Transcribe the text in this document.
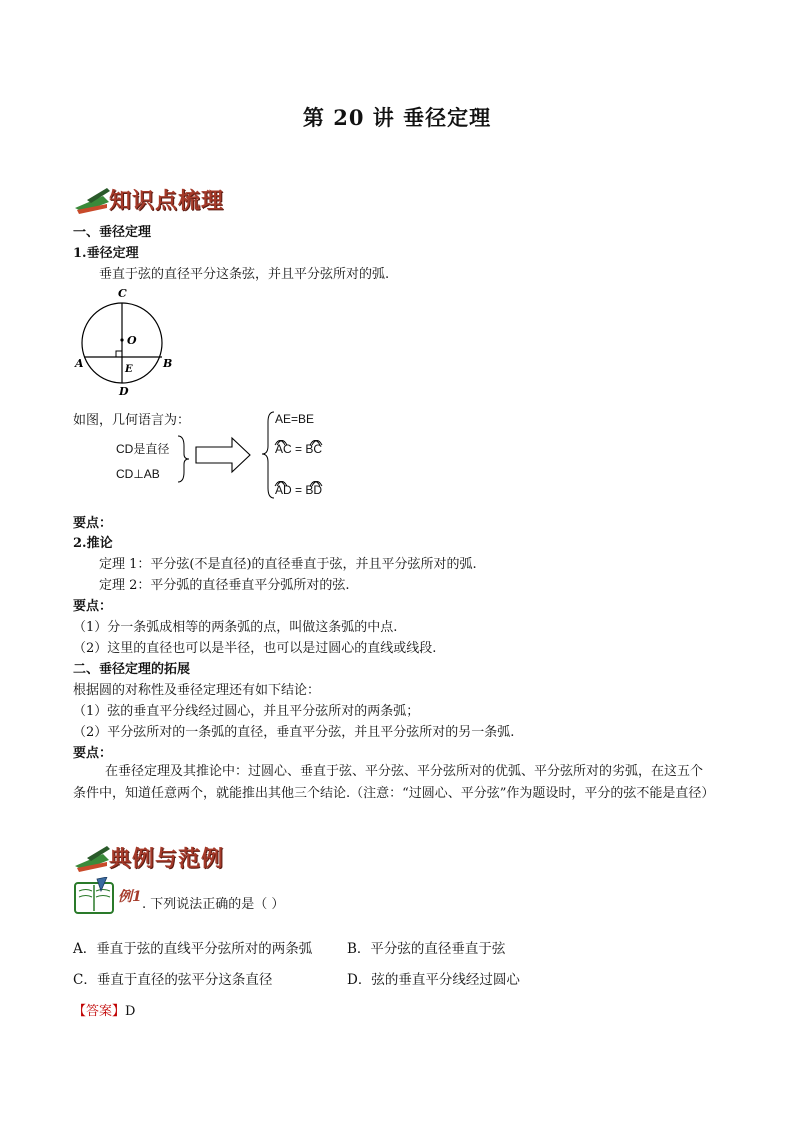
第 20 讲 垂径定理
知识点梳理
一、垂径定理
1.垂径定理
垂直于弦的直径平分这条弦，并且平分弦所对的弧.
C
O
A	B
E
D
如图，几何语言为：
CD是直径
CD⊥AB
AE=BE
AC = BC
AD = BD
要点：
2.推论
定理 1：平分弦(不是直径)的直径垂直于弦，并且平分弦所对的弧.
定理 2：平分弧的直径垂直平分弧所对的弦.
要点：
（1）分一条弧成相等的两条弧的点，叫做这条弧的中点.
（2）这里的直径也可以是半径，也可以是过圆心的直线或线段.
二、垂径定理的拓展
根据圆的对称性及垂径定理还有如下结论：
（1）弦的垂直平分线经过圆心，并且平分弦所对的两条弧；
（2）平分弦所对的一条弧的直径，垂直平分弦，并且平分弦所对的另一条弧.
要点：
在垂径定理及其推论中：过圆心、垂直于弦、平分弦、平分弦所对的优弧、平分弦所对的劣弧，在这五个条件中，知道任意两个，就能推出其他三个结论.（注意：“过圆心、平分弦”作为题设时，平分的弦不能是直径）
典例与范例
例1 . 下列说法正确的是（ ）
A．垂直于弦的直线平分弦所对的两条弧	B．平分弦的直径垂直于弦
C．垂直于直径的弦平分这条直径	D．弦的垂直平分线经过圆心
【答案】D
